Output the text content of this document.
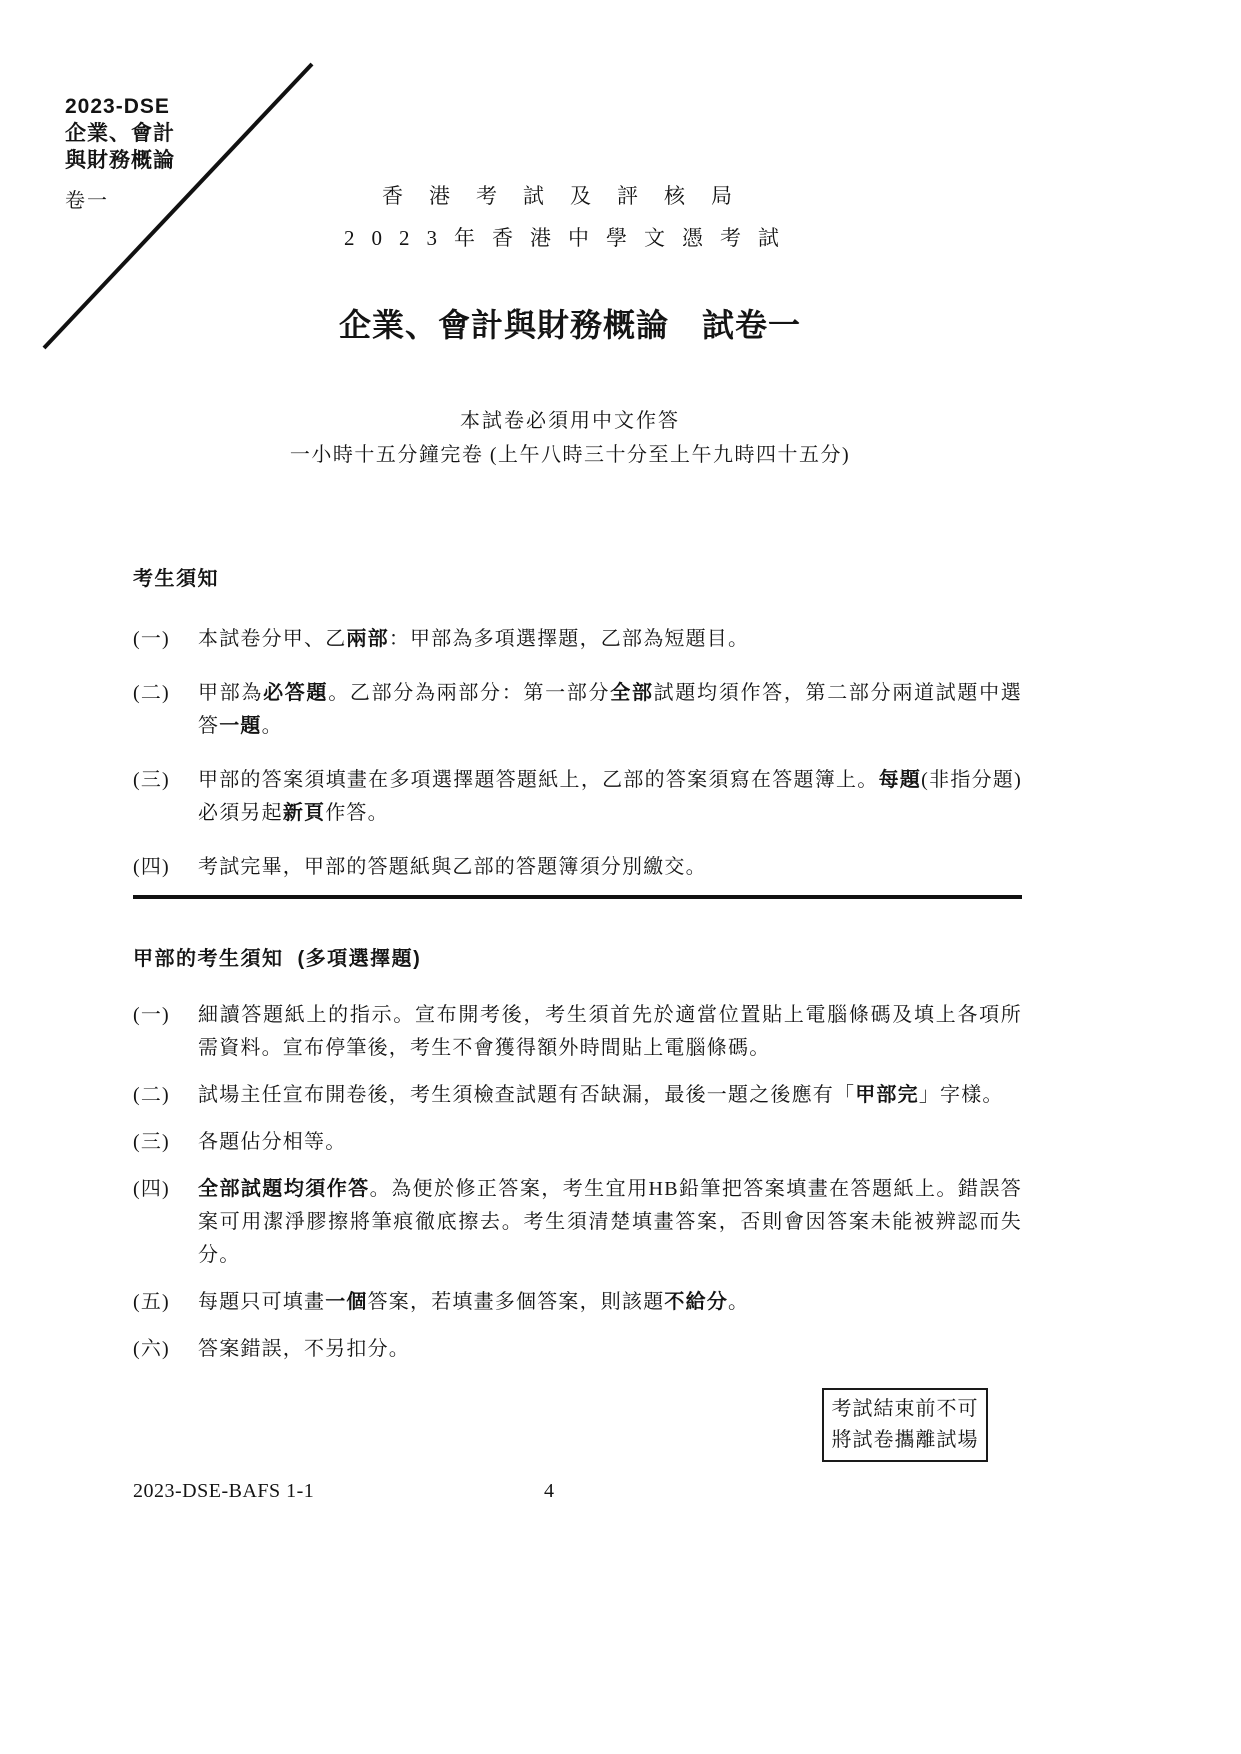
2023-DSE
企業、會計
與財務概論
卷一	香港考試及評核局
2023年香港中學文憑考試
企業、會計與財務概論　試卷一
本試卷必須用中文作答
一小時十五分鐘完卷 (上午八時三十分至上午九時四十五分)
考生須知
(一)	本試卷分甲、乙兩部：甲部為多項選擇題，乙部為短題目。
(二)	甲部為必答題。乙部分為兩部分：第一部分全部試題均須作答，第二部分兩道試題中選答一題。
(三)	甲部的答案須填畫在多項選擇題答題紙上，乙部的答案須寫在答題簿上。每題(非指分題)必須另起新頁作答。
(四)	考試完畢，甲部的答題紙與乙部的答題簿須分別繳交。
甲部的考生須知 (多項選擇題)
(一)	細讀答題紙上的指示。宣布開考後，考生須首先於適當位置貼上電腦條碼及填上各項所需資料。宣布停筆後，考生不會獲得額外時間貼上電腦條碼。
(二)	試場主任宣布開卷後，考生須檢查試題有否缺漏，最後一題之後應有「甲部完」字樣。
(三)	各題佔分相等。
(四)	全部試題均須作答。為便於修正答案，考生宜用HB鉛筆把答案填畫在答題紙上。錯誤答案可用潔淨膠擦將筆痕徹底擦去。考生須清楚填畫答案，否則會因答案未能被辨認而失分。
(五)	每題只可填畫一個答案，若填畫多個答案，則該題不給分。
(六)	答案錯誤，不另扣分。
考試結束前不可
將試卷攜離試場
2023-DSE-BAFS 1-1	4
